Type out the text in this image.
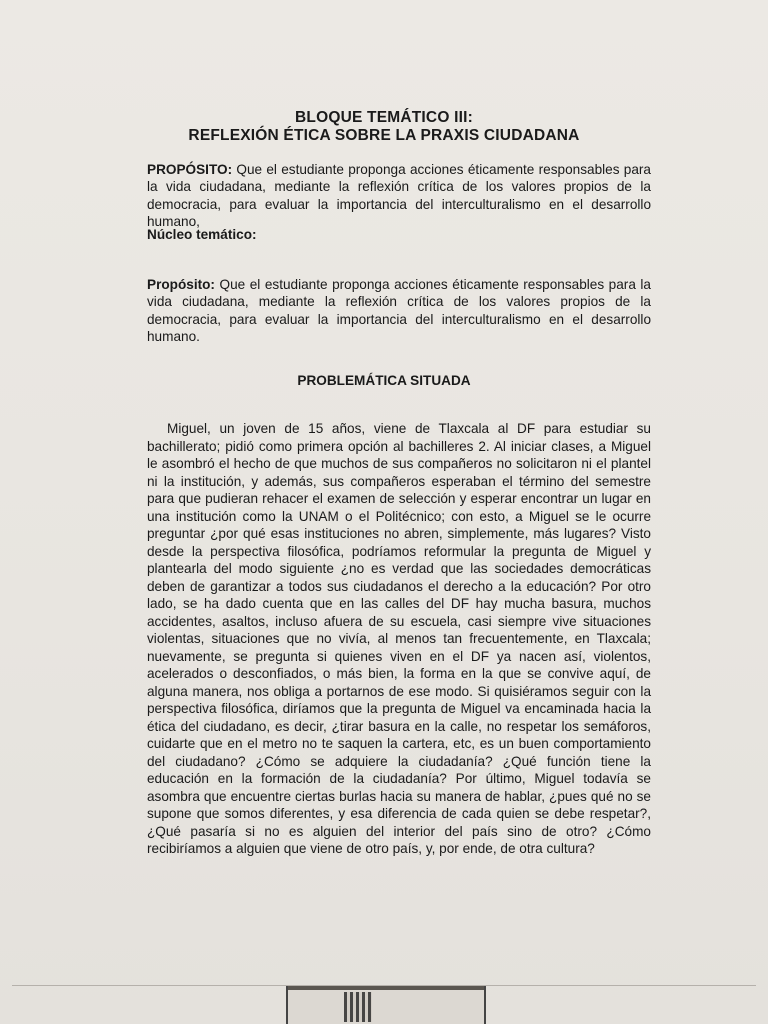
BLOQUE TEMÁTICO III:
REFLEXIÓN ÉTICA SOBRE LA PRAXIS CIUDADANA
PROPÓSITO: Que el estudiante proponga acciones éticamente responsables para la vida ciudadana, mediante la reflexión crítica de los valores propios de la democracia, para evaluar la importancia del interculturalismo en el desarrollo humano,
Núcleo temático:
Propósito: Que el estudiante proponga acciones éticamente responsables para la vida ciudadana, mediante la reflexión crítica de los valores propios de la democracia, para evaluar la importancia del interculturalismo en el desarrollo humano.
PROBLEMÁTICA SITUADA
Miguel, un joven de 15 años, viene de Tlaxcala al DF para estudiar su bachillerato; pidió como primera opción al bachilleres 2. Al iniciar clases, a Miguel le asombró el hecho de que muchos de sus compañeros no solicitaron ni el plantel ni la institución, y además, sus compañeros esperaban el término del semestre para que pudieran rehacer el examen de selección y esperar encontrar un lugar en una institución como la UNAM o el Politécnico; con esto, a Miguel se le ocurre preguntar ¿por qué esas instituciones no abren, simplemente, más lugares? Visto desde la perspectiva filosófica, podríamos reformular la pregunta de Miguel y plantearla del modo siguiente ¿no es verdad que las sociedades democráticas deben de garantizar a todos sus ciudadanos el derecho a la educación? Por otro lado, se ha dado cuenta que en las calles del DF hay mucha basura, muchos accidentes, asaltos, incluso afuera de su escuela, casi siempre vive situaciones violentas, situaciones que no vivía, al menos tan frecuentemente, en Tlaxcala; nuevamente, se pregunta si quienes viven en el DF ya nacen así, violentos, acelerados o desconfiados, o más bien, la forma en la que se convive aquí, de alguna manera, nos obliga a portarnos de ese modo. Si quisiéramos seguir con la perspectiva filosófica, diríamos que la pregunta de Miguel va encaminada hacia la ética del ciudadano, es decir, ¿tirar basura en la calle, no respetar los semáforos, cuidarte que en el metro no te saquen la cartera, etc, es un buen comportamiento del ciudadano? ¿Cómo se adquiere la ciudadanía? ¿Qué función tiene la educación en la formación de la ciudadanía? Por último, Miguel todavía se asombra que encuentre ciertas burlas hacia su manera de hablar, ¿pues qué no se supone que somos diferentes, y esa diferencia de cada quien se debe respetar?, ¿Qué pasaría si no es alguien del interior del país sino de otro? ¿Cómo recibiríamos a alguien que viene de otro país, y, por ende, de otra cultura?
